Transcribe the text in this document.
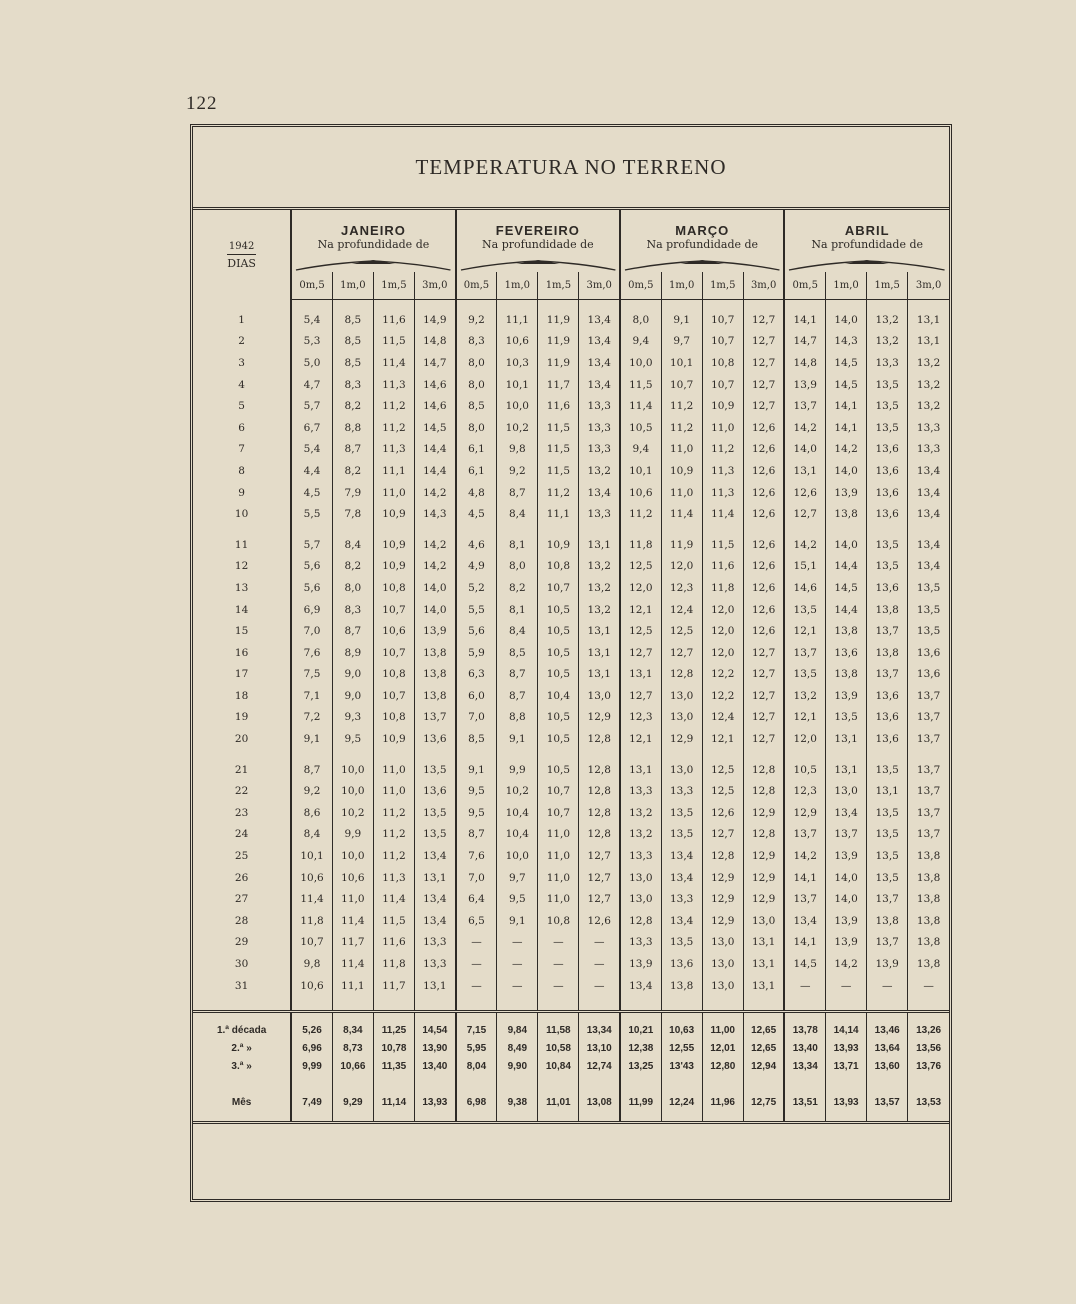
122
TEMPERATURA NO TERRENO
1942
DIAS	JANEIRO				FEVEREIRO				MARÇO				ABRIL			
	Na profundidade de				Na profundidade de				Na profundidade de				Na profundidade de			

	0m,5	1m,0	1m,5	3m,0	0m,5	1m,0	1m,5	3m,0	0m,5	1m,0	1m,5	3m,0	0m,5	1m,0	1m,5	3m,0

1	5,4	8,5	11,6	14,9	9,2	11,1	11,9	13,4	8,0	9,1	10,7	12,7	14,1	14,0	13,2	13,1
2	5,3	8,5	11,5	14,8	8,3	10,6	11,9	13,4	9,4	9,7	10,7	12,7	14,7	14,3	13,2	13,1
3	5,0	8,5	11,4	14,7	8,0	10,3	11,9	13,4	10,0	10,1	10,8	12,7	14,8	14,5	13,3	13,2
4	4,7	8,3	11,3	14,6	8,0	10,1	11,7	13,4	11,5	10,7	10,7	12,7	13,9	14,5	13,5	13,2
5	5,7	8,2	11,2	14,6	8,5	10,0	11,6	13,3	11,4	11,2	10,9	12,7	13,7	14,1	13,5	13,2
6	6,7	8,8	11,2	14,5	8,0	10,2	11,5	13,3	10,5	11,2	11,0	12,6	14,2	14,1	13,5	13,3
7	5,4	8,7	11,3	14,4	6,1	9,8	11,5	13,3	9,4	11,0	11,2	12,6	14,0	14,2	13,6	13,3
8	4,4	8,2	11,1	14,4	6,1	9,2	11,5	13,2	10,1	10,9	11,3	12,6	13,1	14,0	13,6	13,4
9	4,5	7,9	11,0	14,2	4,8	8,7	11,2	13,4	10,6	11,0	11,3	12,6	12,6	13,9	13,6	13,4
10	5,5	7,8	10,9	14,3	4,5	8,4	11,1	13,3	11,2	11,4	11,4	12,6	12,7	13,8	13,6	13,4

11	5,7	8,4	10,9	14,2	4,6	8,1	10,9	13,1	11,8	11,9	11,5	12,6	14,2	14,0	13,5	13,4
12	5,6	8,2	10,9	14,2	4,9	8,0	10,8	13,2	12,5	12,0	11,6	12,6	15,1	14,4	13,5	13,4
13	5,6	8,0	10,8	14,0	5,2	8,2	10,7	13,2	12,0	12,3	11,8	12,6	14,6	14,5	13,6	13,5
14	6,9	8,3	10,7	14,0	5,5	8,1	10,5	13,2	12,1	12,4	12,0	12,6	13,5	14,4	13,8	13,5
15	7,0	8,7	10,6	13,9	5,6	8,4	10,5	13,1	12,5	12,5	12,0	12,6	12,1	13,8	13,7	13,5
16	7,6	8,9	10,7	13,8	5,9	8,5	10,5	13,1	12,7	12,7	12,0	12,7	13,7	13,6	13,8	13,6
17	7,5	9,0	10,8	13,8	6,3	8,7	10,5	13,1	13,1	12,8	12,2	12,7	13,5	13,8	13,7	13,6
18	7,1	9,0	10,7	13,8	6,0	8,7	10,4	13,0	12,7	13,0	12,2	12,7	13,2	13,9	13,6	13,7
19	7,2	9,3	10,8	13,7	7,0	8,8	10,5	12,9	12,3	13,0	12,4	12,7	12,1	13,5	13,6	13,7
20	9,1	9,5	10,9	13,6	8,5	9,1	10,5	12,8	12,1	12,9	12,1	12,7	12,0	13,1	13,6	13,7

21	8,7	10,0	11,0	13,5	9,1	9,9	10,5	12,8	13,1	13,0	12,5	12,8	10,5	13,1	13,5	13,7
22	9,2	10,0	11,0	13,6	9,5	10,2	10,7	12,8	13,3	13,3	12,5	12,8	12,3	13,0	13,1	13,7
23	8,6	10,2	11,2	13,5	9,5	10,4	10,7	12,8	13,2	13,5	12,6	12,9	12,9	13,4	13,5	13,7
24	8,4	9,9	11,2	13,5	8,7	10,4	11,0	12,8	13,2	13,5	12,7	12,8	13,7	13,7	13,5	13,7
25	10,1	10,0	11,2	13,4	7,6	10,0	11,0	12,7	13,3	13,4	12,8	12,9	14,2	13,9	13,5	13,8
26	10,6	10,6	11,3	13,1	7,0	9,7	11,0	12,7	13,0	13,4	12,9	12,9	14,1	14,0	13,5	13,8
27	11,4	11,0	11,4	13,4	6,4	9,5	11,0	12,7	13,0	13,3	12,9	12,9	13,7	14,0	13,7	13,8
28	11,8	11,4	11,5	13,4	6,5	9,1	10,8	12,6	12,8	13,4	12,9	13,0	13,4	13,9	13,8	13,8
29	10,7	11,7	11,6	13,3	—	—	—	—	13,3	13,5	13,0	13,1	14,1	13,9	13,7	13,8
30	9,8	11,4	11,8	13,3	—	—	—	—	13,9	13,6	13,0	13,1	14,5	14,2	13,9	13,8
31	10,6	11,1	11,7	13,1	—	—	—	—	13,4	13,8	13,0	13,1	—	—	—	—

1.ª década	5,26	8,34	11,25	14,54	7,15	9,84	11,58	13,34	10,21	10,63	11,00	12,65	13,78	14,14	13,46	13,26
2.ª »	6,96	8,73	10,78	13,90	5,95	8,49	10,58	13,10	12,38	12,55	12,01	12,65	13,40	13,93	13,64	13,56
3.ª »	9,99	10,66	11,35	13,40	8,04	9,90	10,84	12,74	13,25	13'43	12,80	12,94	13,34	13,71	13,60	13,76

Mês	7,49	9,29	11,14	13,93	6,98	9,38	11,01	13,08	11,99	12,24	11,96	12,75	13,51	13,93	13,57	13,53
